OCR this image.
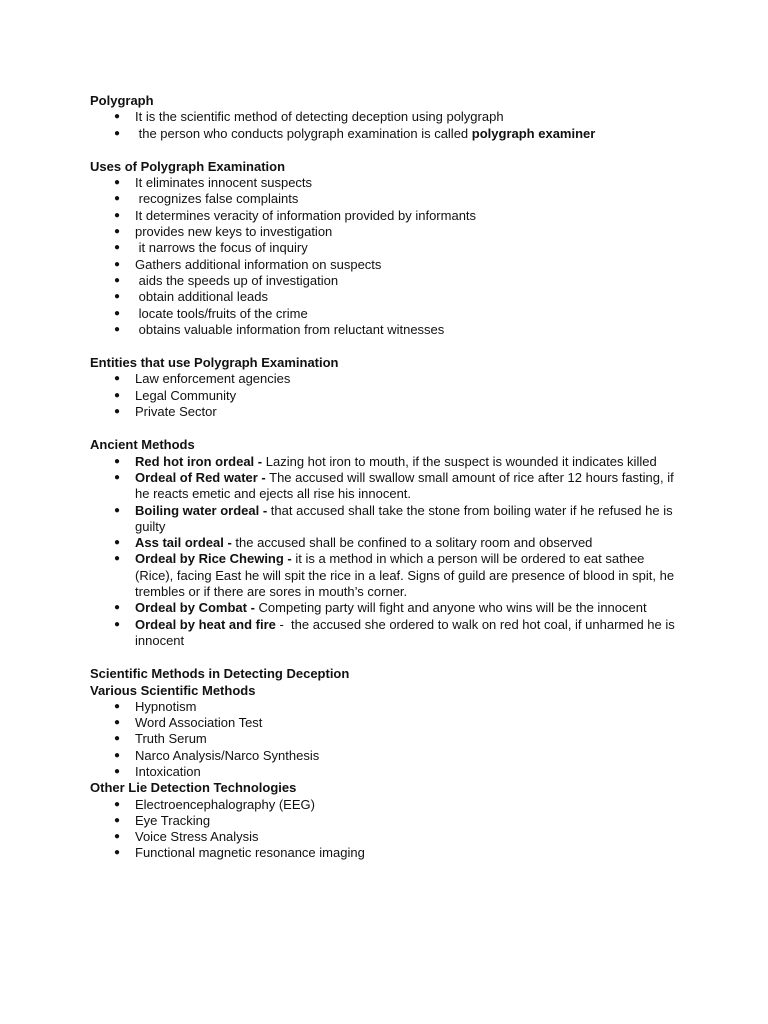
Polygraph

● It is the scientific method of detecting deception using polygraph
● the person who conducts polygraph examination is called polygraph examiner

Uses of Polygraph Examination

● It eliminates innocent suspects
● recognizes false complaints
● It determines veracity of information provided by informants
● provides new keys to investigation
● it narrows the focus of inquiry
● Gathers additional information on suspects
● aids the speeds up of investigation
● obtain additional leads
● locate tools/fruits of the crime
● obtains valuable information from reluctant witnesses

Entities that use Polygraph Examination

● Law enforcement agencies
● Legal Community
● Private Sector

Ancient Methods

● Red hot iron ordeal - Lazing hot iron to mouth, if the suspect is wounded it indicates killed
● Ordeal of Red water - The accused will swallow small amount of rice after 12 hours fasting, if he reacts emetic and ejects all rise his innocent.
● Boiling water ordeal - that accused shall take the stone from boiling water if he refused he is guilty
● Ass tail ordeal - the accused shall be confined to a solitary room and observed
● Ordeal by Rice Chewing - it is a method in which a person will be ordered to eat sathee (Rice), facing East he will spit the rice in a leaf. Signs of guild are presence of blood in spit, he trembles or if there are sores in mouth’s corner.
● Ordeal by Combat - Competing party will fight and anyone who wins will be the innocent
● Ordeal by heat and fire -  the accused she ordered to walk on red hot coal, if unharmed he is innocent

Scientific Methods in Detecting Deception

Various Scientific Methods

● Hypnotism
● Word Association Test
● Truth Serum
● Narco Analysis/Narco Synthesis
● Intoxication

Other Lie Detection Technologies

● Electroencephalography (EEG)
● Eye Tracking
● Voice Stress Analysis
● Functional magnetic resonance imaging
